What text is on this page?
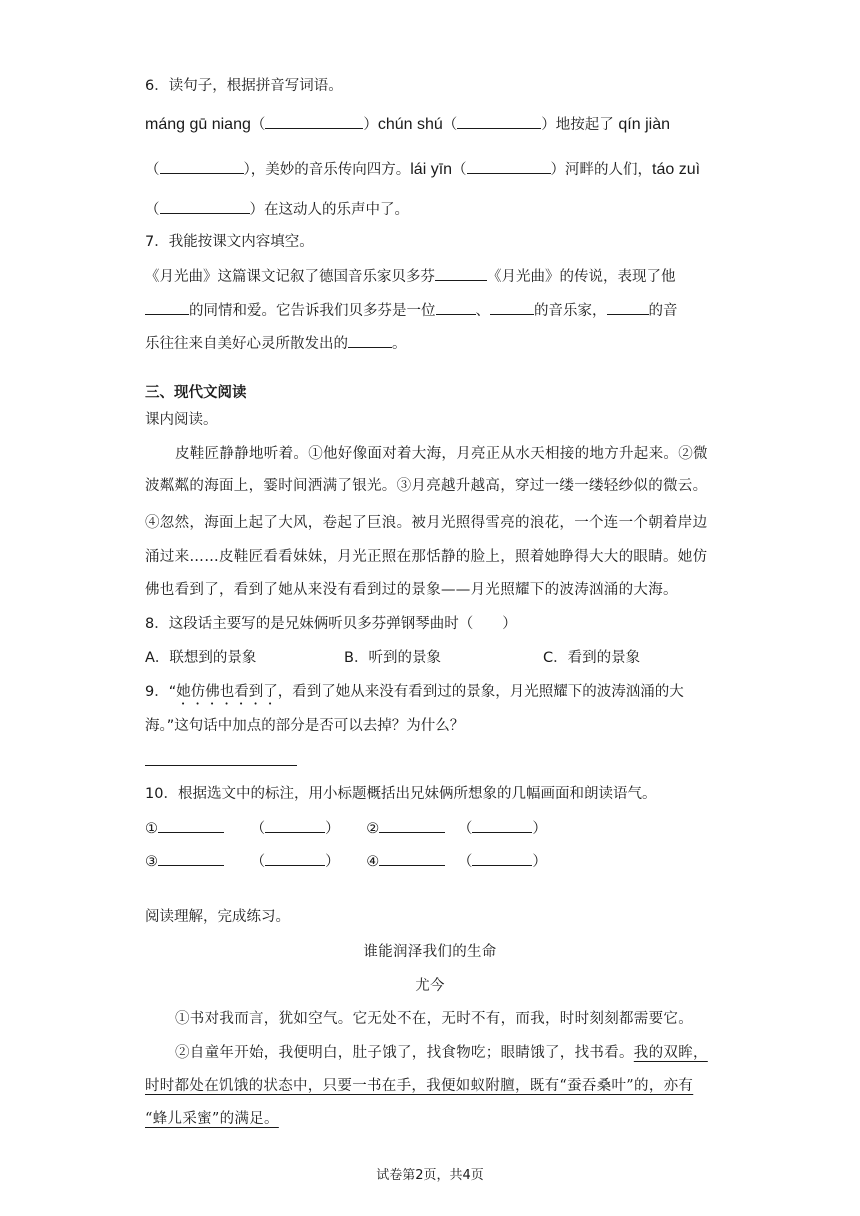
6．读句子，根据拼音写词语。
máng gū niang（	）chún shú（	）地按起了 qín jiàn
（	），美妙的音乐传向四方。lái yīn（	）河畔的人们，táo zuì
（	）在这动人的乐声中了。
7．我能按课文内容填空。
《月光曲》这篇课文记叙了德国音乐家贝多芬	《月光曲》的传说，表现了他
的同情和爱。它告诉我们贝多芬是一位	、	的音乐家，	的音
乐往往来自美好心灵所散发出的	。
三、现代文阅读
课内阅读。
皮鞋匠静静地听着。①他好像面对着大海，月亮正从水天相接的地方升起来。②微
波粼粼的海面上，霎时间洒满了银光。③月亮越升越高，穿过一缕一缕轻纱似的微云。
④忽然，海面上起了大风，卷起了巨浪。被月光照得雪亮的浪花，一个连一个朝着岸边
涌过来……皮鞋匠看看妹妹，月光正照在那恬静的脸上，照着她睁得大大的眼睛。她仿
佛也看到了，看到了她从来没有看到过的景象——月光照耀下的波涛汹涌的大海。
8．这段话主要写的是兄妹俩听贝多芬弹钢琴曲时（　　）
A．联想到的景象	B．听到的景象	C．看到的景象
9．“她仿佛也看到了，看到了她从来没有看到过的景象，月光照耀下的波涛汹涌的大
海。”这句话中加点的部分是否可以去掉？为什么？
10．根据选文中的标注，用小标题概括出兄妹俩所想象的几幅画面和朗读语气。
①	（	） ②	（	）
③	（	） ④	（	）
阅读理解，完成练习。
谁能润泽我们的生命
尤今
①书对我而言，犹如空气。它无处不在，无时不有，而我，时时刻刻都需要它。
②自童年开始，我便明白，肚子饿了，找食物吃；眼睛饿了，找书看。我的双眸，
时时都处在饥饿的状态中，只要一书在手，我便如蚁附膻，既有“蚕吞桑叶”的，亦有
“蜂儿采蜜”的满足。
试卷第2页，共4页
